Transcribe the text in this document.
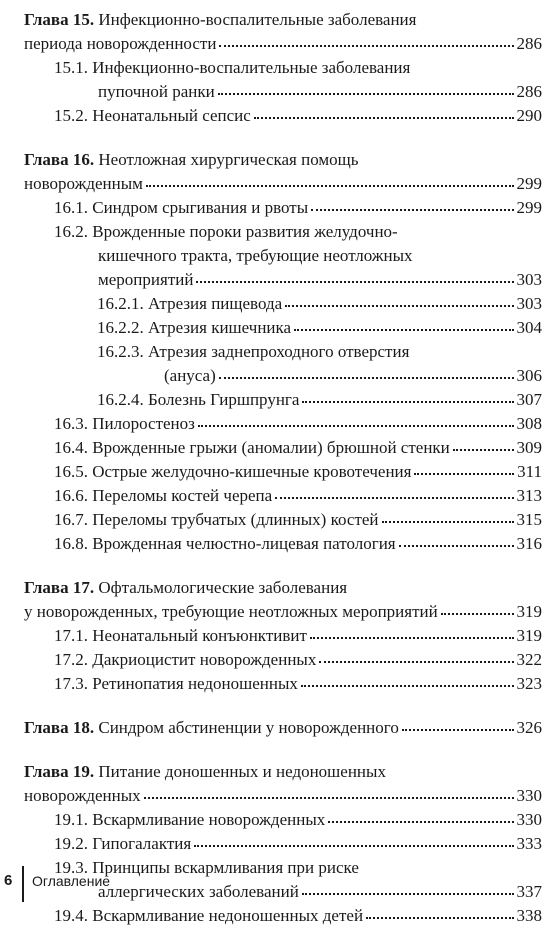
Глава 15. Инфекционно-воспалительные заболевания
периода новорожденности	286
15.1. Инфекционно-воспалительные заболевания
пупочной ранки	286
15.2. Неонатальный сепсис	290
Глава 16. Неотложная хирургическая помощь
новорожденным	299
16.1. Синдром срыгивания и рвоты	299
16.2. Врожденные пороки развития желудочно-
кишечного тракта, требующие неотложных
мероприятий	303
16.2.1. Атрезия пищевода	303
16.2.2. Атрезия кишечника	304
16.2.3. Атрезия заднепроходного отверстия
(ануса)	306
16.2.4. Болезнь Гиршпрунга	307
16.3. Пилоростеноз	308
16.4. Врожденные грыжи (аномалии) брюшной стенки	309
16.5. Острые желудочно-кишечные кровотечения	311
16.6. Переломы костей черепа	313
16.7. Переломы трубчатых (длинных) костей	315
16.8. Врожденная челюстно-лицевая патология	316
Глава 17. Офтальмологические заболевания
у новорожденных, требующие неотложных мероприятий	319
17.1. Неонатальный конъюнктивит	319
17.2. Дакриоцистит новорожденных	322
17.3. Ретинопатия недоношенных	323
Глава 18. Синдром абстиненции у новорожденного	326
Глава 19. Питание доношенных и недоношенных
новорожденных	330
19.1. Вскармливание новорожденных	330
19.2. Гипогалактия	333
19.3. Принципы вскармливания при риске
аллергических заболеваний	337
19.4. Вскармливание недоношенных детей	338
6 Оглавление
